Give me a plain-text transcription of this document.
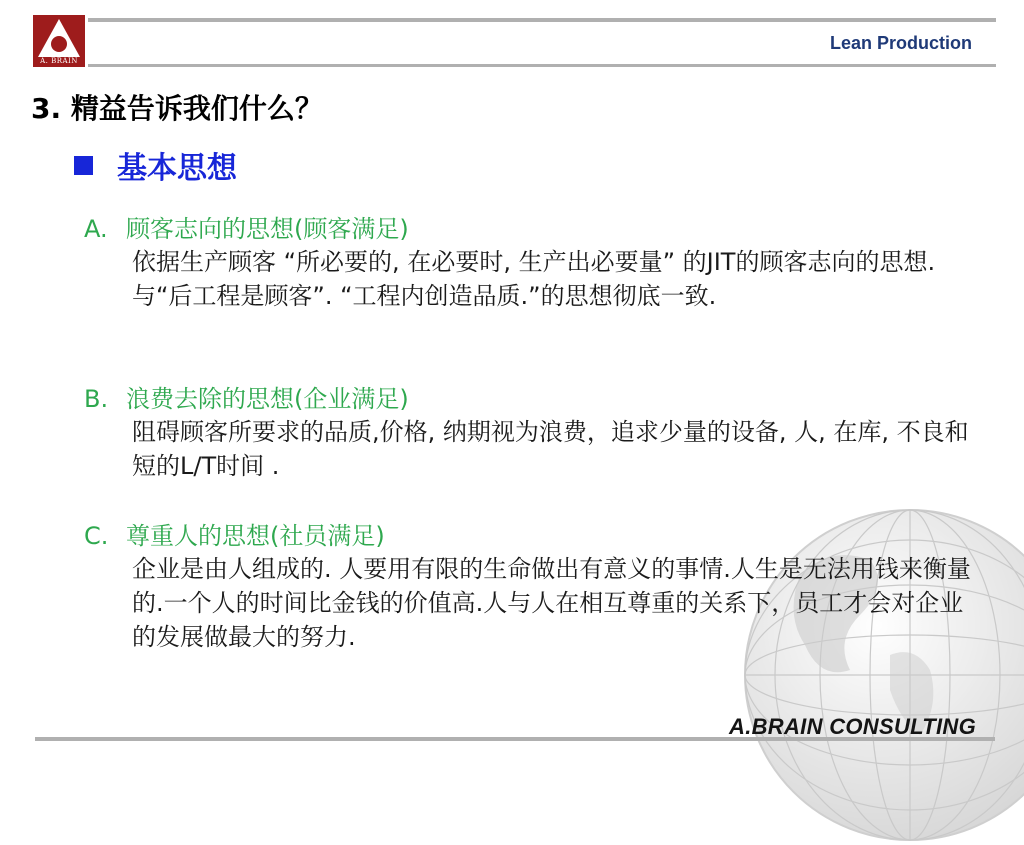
A. BRAIN
Lean Production
3. 精益告诉我们什么？
基本思想
A. 顾客志向的思想(顾客满足)
依据生产顾客 “所必要的, 在必要时, 生产出必要量” 的JIT的顾客志向的思想. 与“后工程是顾客”. “工程内创造品质.”的思想彻底一致.
B. 浪费去除的思想(企业满足)
阻碍顾客所要求的品质,价格, 纳期视为浪费，追求少量的设备, 人, 在库, 不良和短的L/T时间 .
C. 尊重人的思想(社员满足)
企业是由人组成的. 人要用有限的生命做出有意义的事情.人生是无法用钱来衡量的.一个人的时间比金钱的价值高.人与人在相互尊重的关系下，员工才会对企业的发展做最大的努力.
A.BRAIN CONSULTING
